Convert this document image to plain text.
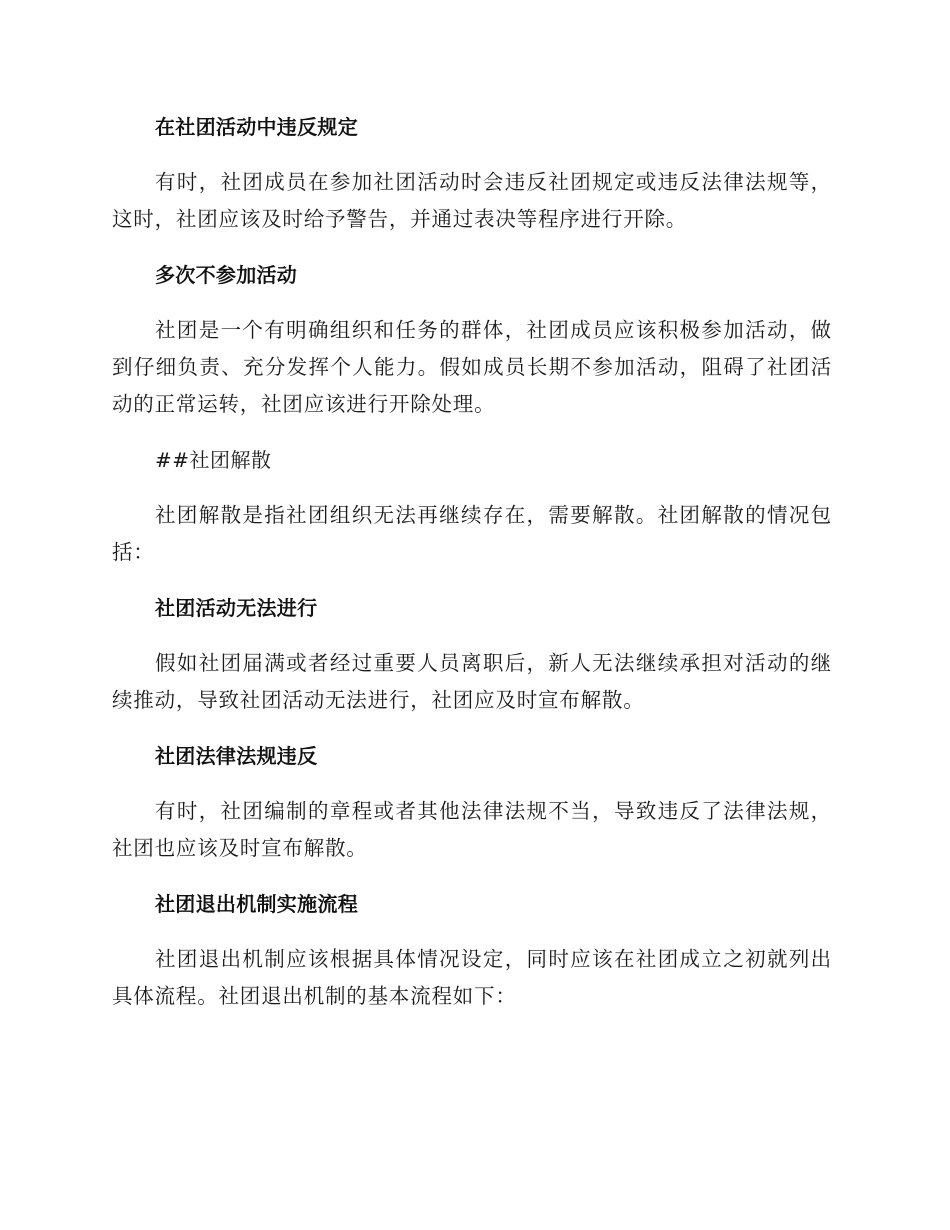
在社团活动中违反规定

有时，社团成员在参加社团活动时会违反社团规定或违反法律法规等，这时，社团应该及时给予警告，并通过表决等程序进行开除。

多次不参加活动

社团是一个有明确组织和任务的群体，社团成员应该积极参加活动，做到仔细负责、充分发挥个人能力。假如成员长期不参加活动，阻碍了社团活动的正常运转，社团应该进行开除处理。

##社团解散

社团解散是指社团组织无法再继续存在，需要解散。社团解散的情况包括：

社团活动无法进行

假如社团届满或者经过重要人员离职后，新人无法继续承担对活动的继续推动，导致社团活动无法进行，社团应及时宣布解散。

社团法律法规违反

有时，社团编制的章程或者其他法律法规不当，导致违反了法律法规，社团也应该及时宣布解散。

社团退出机制实施流程

社团退出机制应该根据具体情况设定，同时应该在社团成立之初就列出具体流程。社团退出机制的基本流程如下：
